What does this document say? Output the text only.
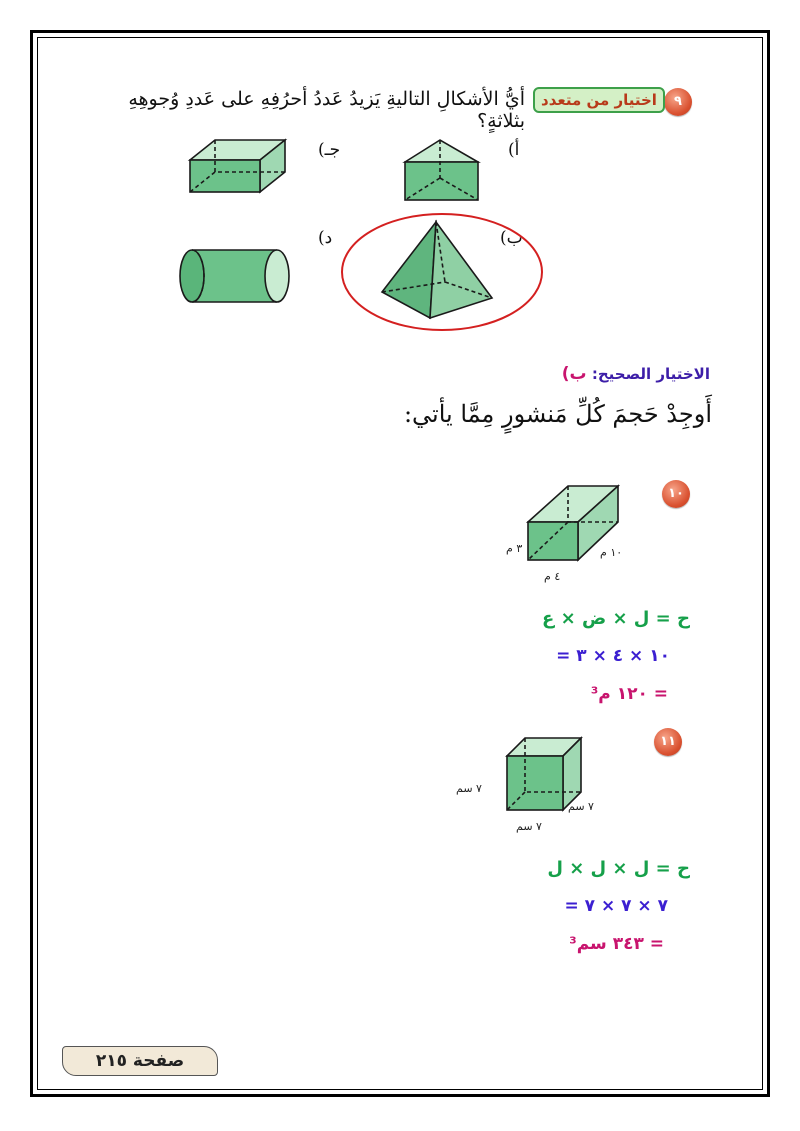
٩
اختيار من متعدد
أيُّ الأشكالِ التاليةِ يَزيدُ عَددُ أحرُفِهِ على عَددِ وُجوهِهِ بثلاثةٍ؟
جـ)	أ)
د)	ب)
الاختيار الصحيح: ب)
أَوجِدْ حَجمَ كُلِّ مَنشورٍ مِمَّا يأتي:
١٠
٣ م	١٠ م
٤ م
ح = ل × ض × ع
= ١٠ × ٤ × ٣
= ١٢٠ م³
١١
٧ سم
٧ سم
٧ سم
ح = ل × ل × ل
= ٧ × ٧ × ٧
= ٣٤٣ سم³
صفحة ٢١٥
